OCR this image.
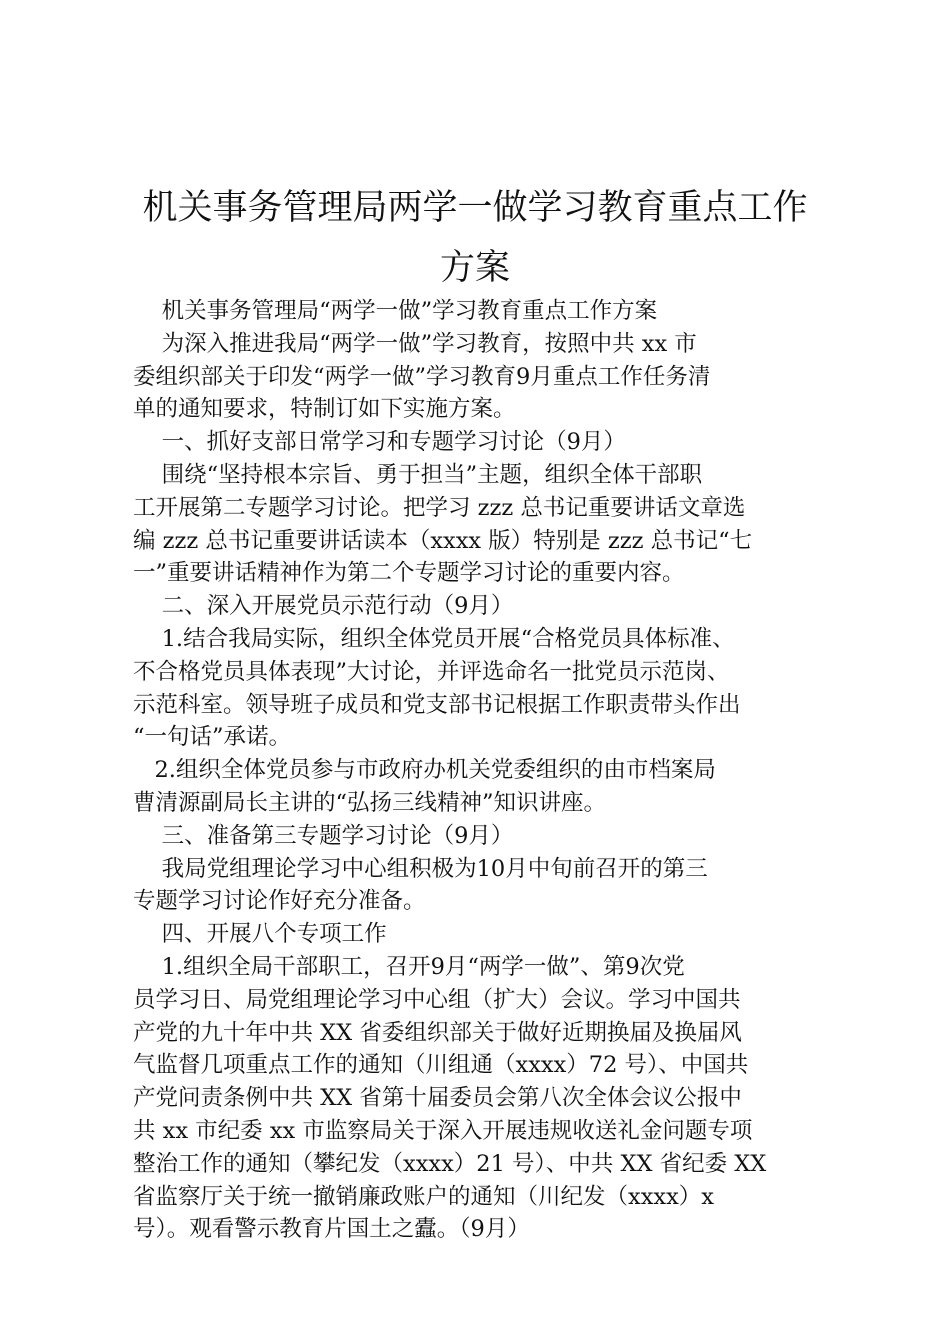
机关事务管理局两学一做学习教育重点工作
方案
机关事务管理局“两学一做”学习教育重点工作方案
为深入推进我局“两学一做”学习教育，按照中共 xx 市
委组织部关于印发“两学一做”学习教育9月重点工作任务清
单的通知要求，特制订如下实施方案。
一、抓好支部日常学习和专题学习讨论（9月）
围绕“坚持根本宗旨、勇于担当”主题，组织全体干部职
工开展第二专题学习讨论。把学习 zzz 总书记重要讲话文章选
编 zzz 总书记重要讲话读本（xxxx 版）特别是 zzz 总书记“七
一”重要讲话精神作为第二个专题学习讨论的重要内容。
二、深入开展党员示范行动（9月）
1.结合我局实际，组织全体党员开展“合格党员具体标准、
不合格党员具体表现”大讨论，并评选命名一批党员示范岗、
示范科室。领导班子成员和党支部书记根据工作职责带头作出
“一句话”承诺。
2.组织全体党员参与市政府办机关党委组织的由市档案局
曹清源副局长主讲的“弘扬三线精神”知识讲座。
三、准备第三专题学习讨论（9月）
我局党组理论学习中心组积极为10月中旬前召开的第三
专题学习讨论作好充分准备。
四、开展八个专项工作
1.组织全局干部职工，召开9月“两学一做”、第9次党
员学习日、局党组理论学习中心组（扩大）会议。学习中国共
产党的九十年中共 XX 省委组织部关于做好近期换届及换届风
气监督几项重点工作的通知（川组通（xxxx）72 号）、中国共
产党问责条例中共 XX 省第十届委员会第八次全体会议公报中
共 xx 市纪委 xx 市监察局关于深入开展违规收送礼金问题专项
整治工作的通知（攀纪发（xxxx）21 号）、中共 XX 省纪委 XX
省监察厅关于统一撤销廉政账户的通知（川纪发（xxxx）x
号）。观看警示教育片国土之蠹。（9月）
